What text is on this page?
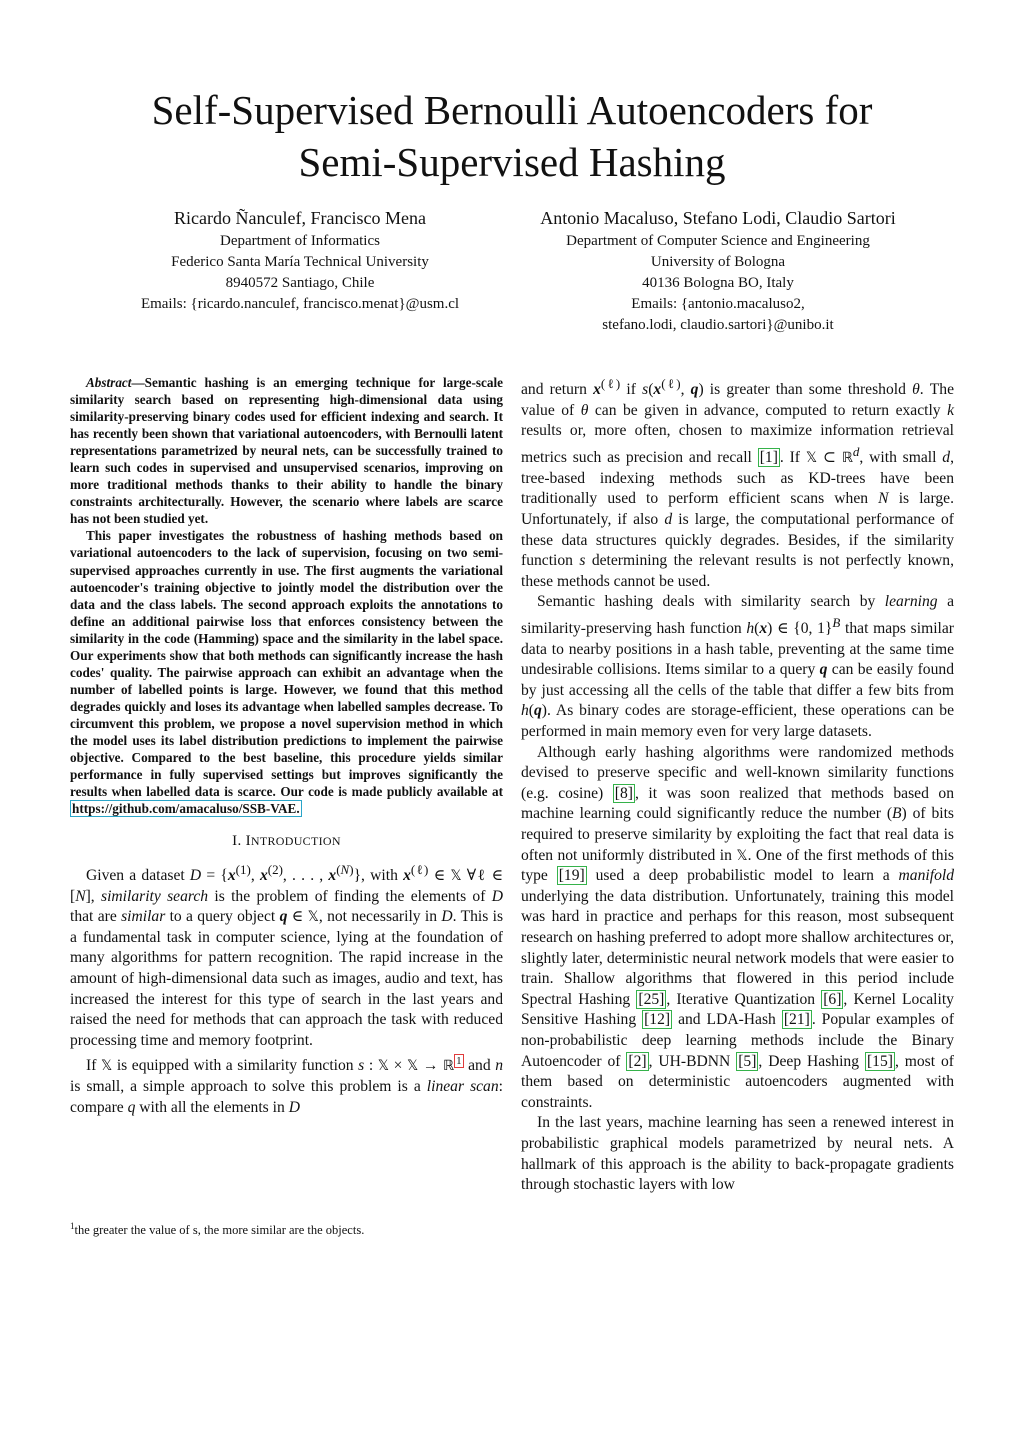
Self-Supervised Bernoulli Autoencoders for
Semi-Supervised Hashing
Ricardo Ñanculef, Francisco Mena
Department of Informatics
Federico Santa María Technical University
8940572 Santiago, Chile
Emails: {ricardo.nanculef, francisco.menat}@usm.cl
Antonio Macaluso, Stefano Lodi, Claudio Sartori
Department of Computer Science and Engineering
University of Bologna
40136 Bologna BO, Italy
Emails: {antonio.macaluso2,
stefano.lodi, claudio.sartori}@unibo.it

Abstract—Semantic hashing is an emerging technique for large-scale similarity search based on representing high-dimensional data using similarity-preserving binary codes used for efficient indexing and search. It has recently been shown that variational autoencoders, with Bernoulli latent representations parametrized by neural nets, can be successfully trained to learn such codes in supervised and unsupervised scenarios, improving on more traditional methods thanks to their ability to handle the binary constraints architecturally. However, the scenario where labels are scarce has not been studied yet.

This paper investigates the robustness of hashing methods based on variational autoencoders to the lack of supervision, focusing on two semi-supervised approaches currently in use. The first augments the variational autoencoder's training objective to jointly model the distribution over the data and the class labels. The second approach exploits the annotations to define an additional pairwise loss that enforces consistency between the similarity in the code (Hamming) space and the similarity in the label space. Our experiments show that both methods can significantly increase the hash codes' quality. The pairwise approach can exhibit an advantage when the number of labelled points is large. However, we found that this method degrades quickly and loses its advantage when labelled samples decrease. To circumvent this problem, we propose a novel supervision method in which the model uses its label distribution predictions to implement the pairwise objective. Compared to the best baseline, this procedure yields similar performance in fully supervised settings but improves significantly the results when labelled data is scarce. Our code is made publicly available at https://github.com/amacaluso/SSB-VAE.

I. INTRODUCTION

Given a dataset $D = \{x^{(1)}$, $x^{(2)}$, . . . , $x^{(N)}$}, with $x^{(\ell)}$ ∈ 𝕏 ∀ℓ ∈ [N], similarity search is the problem of finding the elements of D that are similar to a query object q ∈ 𝕏, not necessarily in D. This is a fundamental task in computer science, lying at the foundation of many algorithms for pattern recognition. The rapid increase in the amount of high-dimensional data such as images, audio and text, has increased the interest for this type of search in the last years and raised the need for methods that can approach the task with reduced processing time and memory footprint.

If 𝕏 is equipped with a similarity function s : 𝕏 × 𝕏 → ℝ $^1$ and n is small, a simple approach to solve this problem is a linear scan: compare q with all the elements in D

$^1$the greater the value of s, the more similar are the objects.

and return $x^{(\ell)}$ if $s(x^{(\ell)}$, q) is greater than some threshold θ. The value of θ can be given in advance, computed to return exactly k results or, more often, chosen to maximize information retrieval metrics such as precision and recall [1] . If 𝕏 ⊂ ℝ$^d$, with small d, tree-based indexing methods such as KD-trees have been traditionally used to perform efficient scans when N is large. Unfortunately, if also d is large, the computational performance of these data structures quickly degrades. Besides, if the similarity function s determining the relevant results is not perfectly known, these methods cannot be used.

Semantic hashing deals with similarity search by learning a similarity-preserving hash function h(x) ∈ {0, 1}$^B$ that maps similar data to nearby positions in a hash table, preventing at the same time undesirable collisions. Items similar to a query q can be easily found by just accessing all the cells of the table that differ a few bits from h(q). As binary codes are storage-efficient, these operations can be performed in main memory even for very large datasets.

Although early hashing algorithms were randomized methods devised to preserve specific and well-known similarity functions (e.g. cosine) [8] , it was soon realized that methods based on machine learning could significantly reduce the number (B) of bits required to preserve similarity by exploiting the fact that real data is often not uniformly distributed in 𝕏. One of the first methods of this type [19] used a deep probabilistic model to learn a manifold underlying the data distribution. Unfortunately, training this model was hard in practice and perhaps for this reason, most subsequent research on hashing preferred to adopt more shallow architectures or, slightly later, deterministic neural network models that were easier to train. Shallow algorithms that flowered in this period include Spectral Hashing [25] , Iterative Quantization [6] , Kernel Locality Sensitive Hashing [12] and LDA-Hash [21] . Popular examples of non-probabilistic deep learning methods include the Binary Autoencoder of [2] , UH-BDNN [5] , Deep Hashing [15] , most of them based on deterministic autoencoders augmented with constraints.

In the last years, machine learning has seen a renewed interest in probabilistic graphical models parametrized by neural nets. A hallmark of this approach is the ability to back-propagate gradients through stochastic layers with low
